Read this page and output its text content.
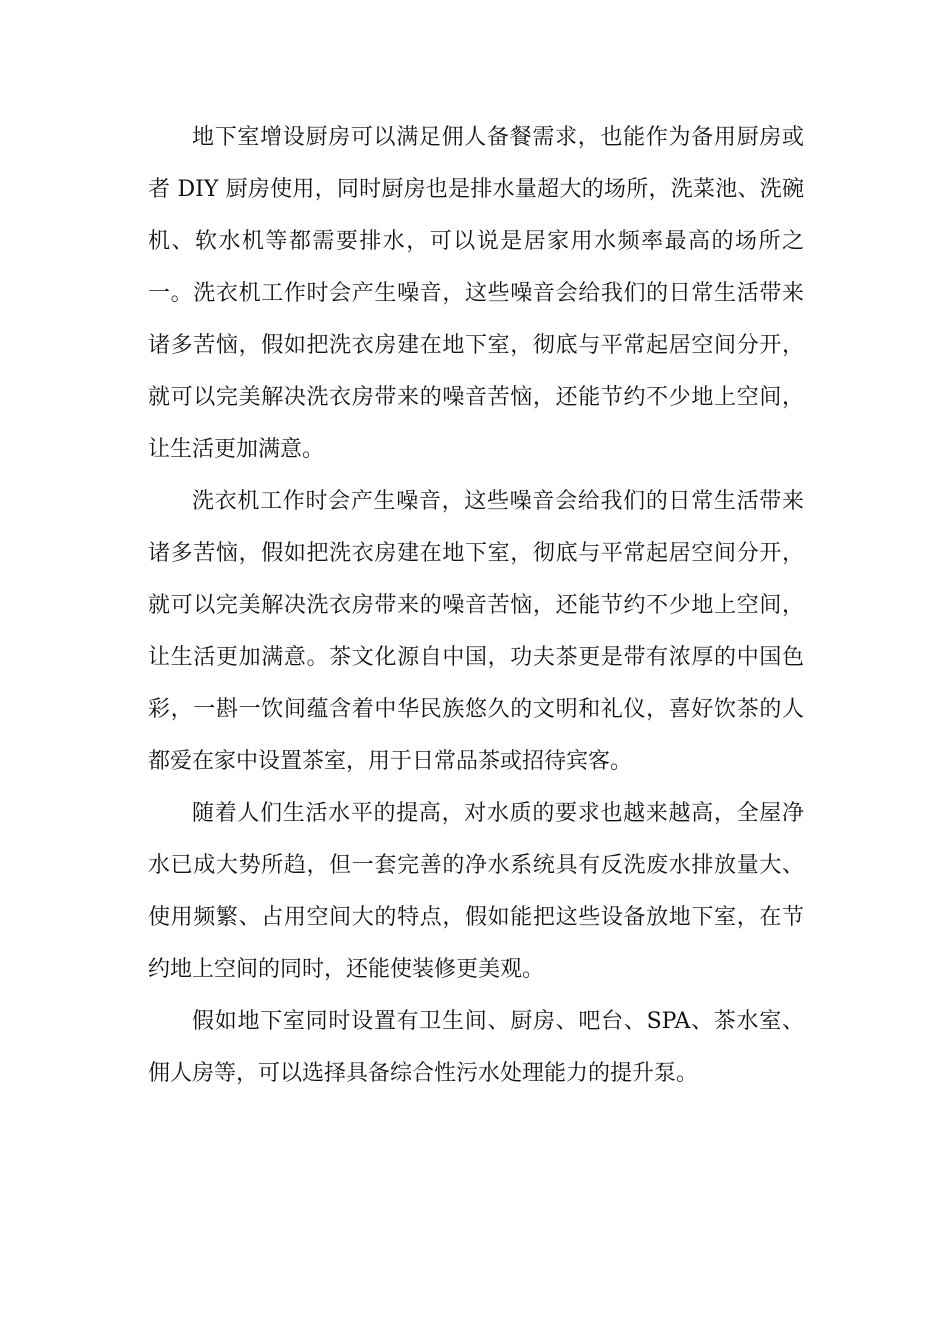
地下室增设厨房可以满足佣人备餐需求，也能作为备用厨房或
者 DIY 厨房使用，同时厨房也是排水量超大的场所，洗菜池、洗碗
机、软水机等都需要排水，可以说是居家用水频率最高的场所之
一。洗衣机工作时会产生噪音，这些噪音会给我们的日常生活带来
诸多苦恼，假如把洗衣房建在地下室，彻底与平常起居空间分开，
就可以完美解决洗衣房带来的噪音苦恼，还能节约不少地上空间，
让生活更加满意。
洗衣机工作时会产生噪音，这些噪音会给我们的日常生活带来
诸多苦恼，假如把洗衣房建在地下室，彻底与平常起居空间分开，
就可以完美解决洗衣房带来的噪音苦恼，还能节约不少地上空间，
让生活更加满意。茶文化源自中国，功夫茶更是带有浓厚的中国色
彩，一斟一饮间蕴含着中华民族悠久的文明和礼仪，喜好饮茶的人
都爱在家中设置茶室，用于日常品茶或招待宾客。
随着人们生活水平的提高，对水质的要求也越来越高，全屋净
水已成大势所趋，但一套完善的净水系统具有反洗废水排放量大、
使用频繁、占用空间大的特点，假如能把这些设备放地下室，在节
约地上空间的同时，还能使装修更美观。
假如地下室同时设置有卫生间、厨房、吧台、SPA、茶水室、
佣人房等，可以选择具备综合性污水处理能力的提升泵。
